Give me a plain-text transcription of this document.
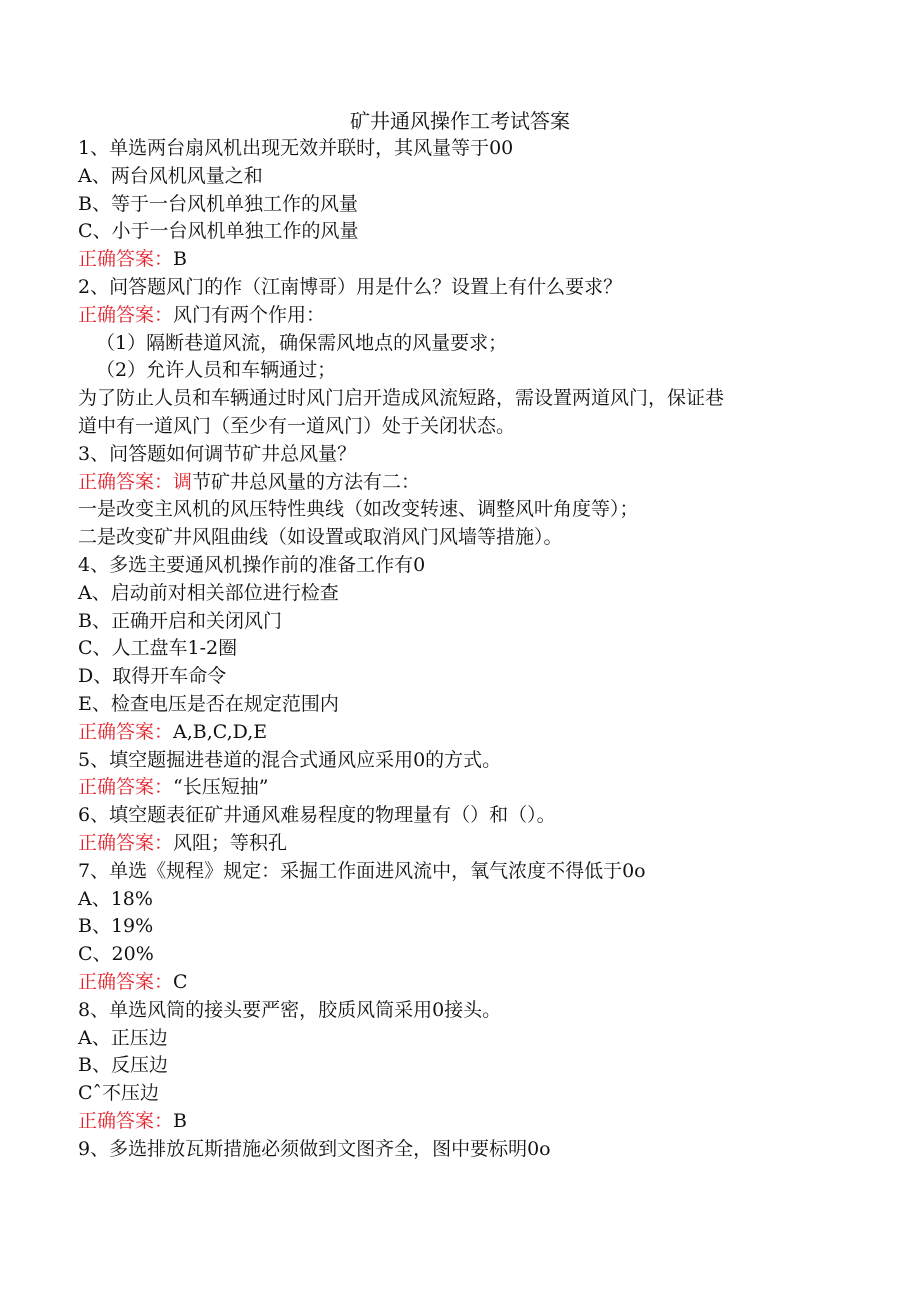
矿井通风操作工考试答案
1、单选两台扇风机出现无效并联时，其风量等于00
A、两台风机风量之和
B、等于一台风机单独工作的风量
C、小于一台风机单独工作的风量
正确答案：B
2、问答题风门的作（江南博哥）用是什么？设置上有什么要求？
正确答案：风门有两个作用：
（1）隔断巷道风流，确保需风地点的风量要求；
（2）允许人员和车辆通过；
为了防止人员和车辆通过时风门启开造成风流短路，需设置两道风门，保证巷
道中有一道风门（至少有一道风门）处于关闭状态。
3、问答题如何调节矿井总风量？
正确答案：调节矿井总风量的方法有二：
一是改变主风机的风压特性典线（如改变转速、调整风叶角度等）；
二是改变矿井风阻曲线（如设置或取消风门风墙等措施）。
4、多选主要通风机操作前的准备工作有0
A、启动前对相关部位进行检查
B、正确开启和关闭风门
C、人工盘车1-2圈
D、取得开车命令
E、检查电压是否在规定范围内
正确答案：A,B,C,D,E
5、填空题掘进巷道的混合式通风应采用0的方式。
正确答案：“长压短抽”
6、填空题表征矿井通风难易程度的物理量有（）和（）。
正确答案：风阻；等积孔
7、单选《规程》规定：采掘工作面进风流中，氧气浓度不得低于0o
A、18%
B、19%
C、20%
正确答案：C
8、单选风筒的接头要严密，胶质风筒采用0接头。
A、正压边
B、反压边
Cˆ不压边
正确答案：B
9、多选排放瓦斯措施必须做到文图齐全，图中要标明0o
